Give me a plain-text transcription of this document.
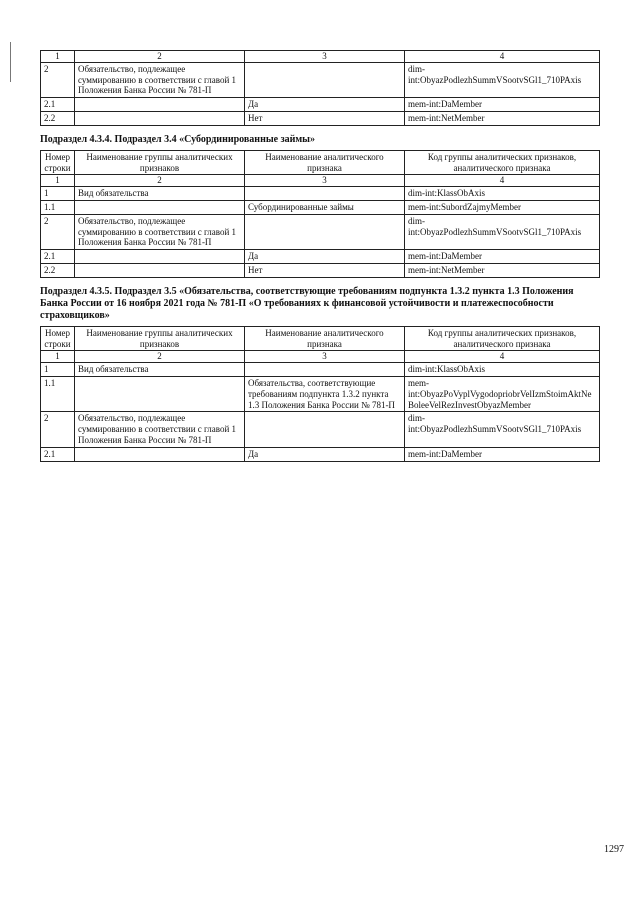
1	2	3	4
2	Обязательство, подлежащее суммированию в соответствии с главой 1 Положения Банка России № 781-П		dim-int:ObyazPodlezhSummVSootvSGl1_710PAxis
2.1		Да	mem-int:DaMember
2.2		Нет	mem-int:NetMember
Подраздел 4.3.4. Подраздел 3.4 «Субординированные займы»
Номер строки	Наименование группы аналитических признаков	Наименование аналитического признака	Код группы аналитических признаков, аналитического признака
1	2	3	4
1	Вид обязательства		dim-int:KlassObAxis
1.1		Субординированные займы	mem-int:SubordZajmyMember
2	Обязательство, подлежащее суммированию в соответствии с главой 1 Положения Банка России № 781-П		dim-int:ObyazPodlezhSummVSootvSGl1_710PAxis
2.1		Да	mem-int:DaMember
2.2		Нет	mem-int:NetMember
Подраздел 4.3.5. Подраздел 3.5 «Обязательства, соответствующие требованиям подпункта 1.3.2 пункта 1.3 Положения Банка России от 16 ноября 2021 года № 781-П «О требованиях к финансовой устойчивости и платежеспособности страховщиков»
Номер строки	Наименование группы аналитических признаков	Наименование аналитического признака	Код группы аналитических признаков, аналитического признака
1	2	3	4
1	Вид обязательства		dim-int:KlassObAxis
1.1		Обязательства, соответствующие требованиям подпункта 1.3.2 пункта 1.3 Положения Банка России № 781-П	mem-int:ObyazPoVyplVygodopriobrVelIzmStoimAktNeBoleeVelRezInvestObyazMember
2	Обязательство, подлежащее суммированию в соответствии с главой 1 Положения Банка России № 781-П		dim-int:ObyazPodlezhSummVSootvSGl1_710PAxis
2.1		Да	mem-int:DaMember
1297
